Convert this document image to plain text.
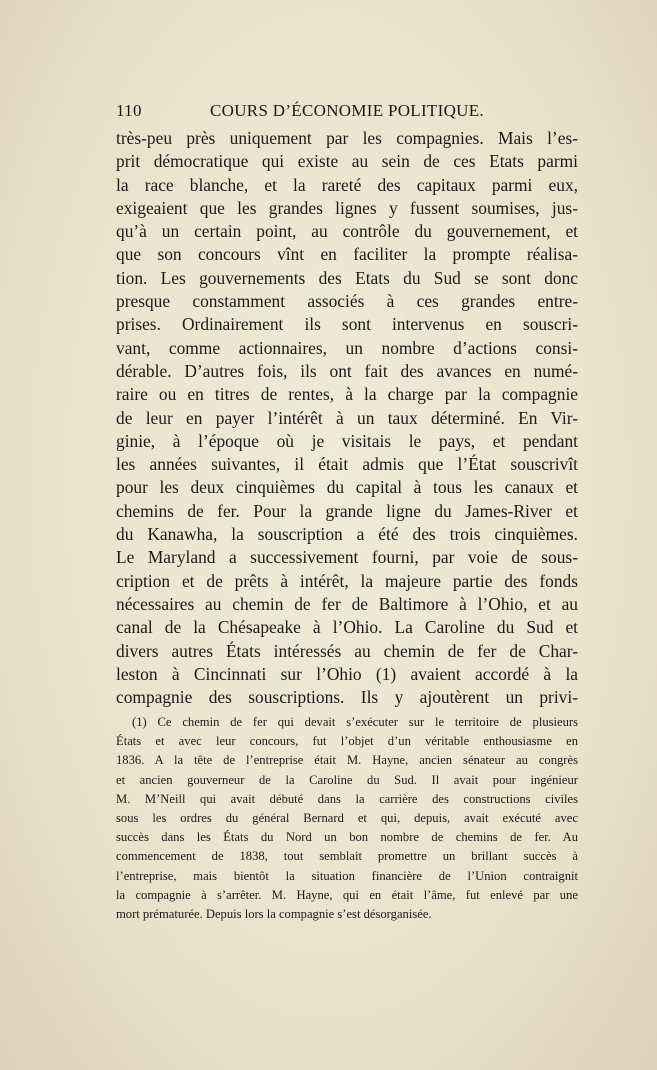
110	COURS D’ÉCONOMIE POLITIQUE.
très-peu près uniquement par les compagnies. Mais l’es-
prit démocratique qui existe au sein de ces Etats parmi
la race blanche, et la rareté des capitaux parmi eux,
exigeaient que les grandes lignes y fussent soumises, jus-
qu’à un certain point, au contrôle du gouvernement, et
que son concours vînt en faciliter la prompte réalisa-
tion. Les gouvernements des Etats du Sud se sont donc
presque constamment associés à ces grandes entre-
prises. Ordinairement ils sont intervenus en souscri-
vant, comme actionnaires, un nombre d’actions consi-
dérable. D’autres fois, ils ont fait des avances en numé-
raire ou en titres de rentes, à la charge par la compagnie
de leur en payer l’intérêt à un taux déterminé. En Vir-
ginie, à l’époque où je visitais le pays, et pendant
les années suivantes, il était admis que l’État souscrivît
pour les deux cinquièmes du capital à tous les canaux et
chemins de fer. Pour la grande ligne du James-River et
du Kanawha, la souscription a été des trois cinquièmes.
Le Maryland a successivement fourni, par voie de sous-
cription et de prêts à intérêt, la majeure partie des fonds
nécessaires au chemin de fer de Baltimore à l’Ohio, et au
canal de la Chésapeake à l’Ohio. La Caroline du Sud et
divers autres États intéressés au chemin de fer de Char-
leston à Cincinnati sur l’Ohio (1) avaient accordé à la
compagnie des souscriptions. Ils y ajoutèrent un privi-
(1) Ce chemin de fer qui devait s’exécuter sur le territoire de plusieurs
États et avec leur concours, fut l’objet d’un véritable enthousiasme en
1836. A la tête de l’entreprise était M. Hayne, ancien sénateur au congrès
et ancien gouverneur de la Caroline du Sud. Il avait pour ingénieur
M. M’Neill qui avait débuté dans la carrière des constructions civiles
sous les ordres du général Bernard et qui, depuis, avait exécuté avec
succès dans les États du Nord un bon nombre de chemins de fer. Au
commencement de 1838, tout semblait promettre un brillant succès à
l’entreprise, mais bientôt la situation financière de l’Union contraignit
la compagnie à s’arrêter. M. Hayne, qui en était l’âme, fut enlevé par une
mort prématurée. Depuis lors la compagnie s’est désorganisée.
